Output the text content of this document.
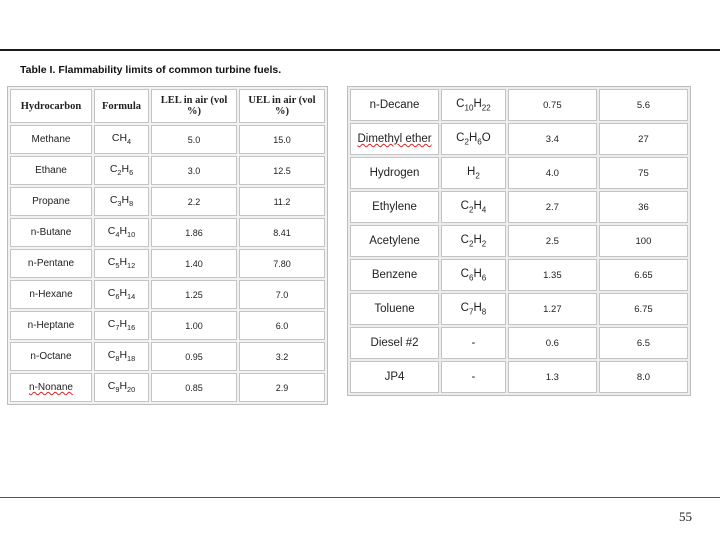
Table I. Flammability limits of common turbine fuels.
Hydrocarbon	Formula	LEL in air (vol %)	UEL in air (vol %)
Methane	$CH_4$	5.0	15.0
Ethane	$C_2H_6$	3.0	12.5
Propane	$C_3H_8$	2.2	11.2
n-Butane	$C_4H_{10}$	1.86	8.41
n-Pentane	$C_5H_{12}$	1.40	7.80
n-Hexane	$C_6H_{14}$	1.25	7.0
n-Heptane	$C_7H_{16}$	1.00	6.0
n-Octane	$C_8H_{18}$	0.95	3.2
n-Nonane	$C_9H_{20}$	0.85	2.9
n-Decane	$C_{10}H_{22}$	0.75	5.6
Dimethyl ether	$C_2H_6O$	3.4	27
Hydrogen	$H_2$	4.0	75
Ethylene	$C_2H_4$	2.7	36
Acetylene	$C_2H_2$	2.5	100
Benzene	$C_6H_6$	1.35	6.65
Toluene	$C_7H_8$	1.27	6.75
Diesel #2	-	0.6	6.5
JP4	-	1.3	8.0
55
